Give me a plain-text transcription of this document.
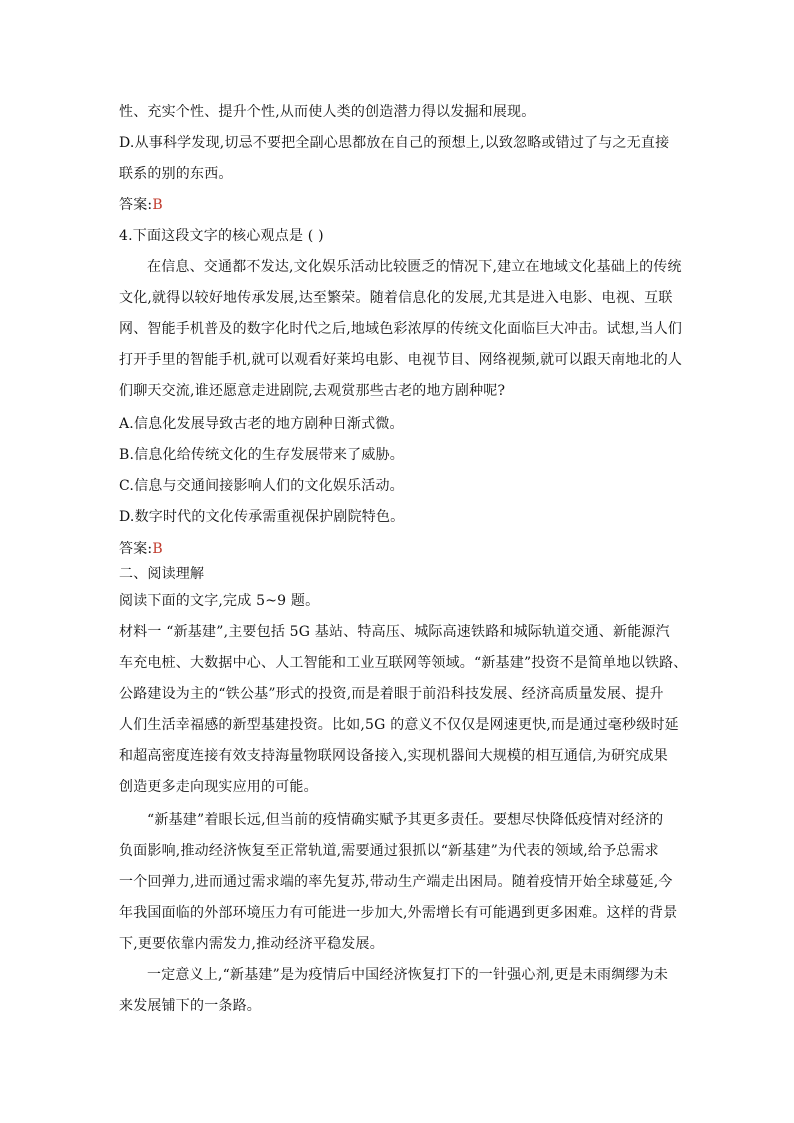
性、充实个性、提升个性,从而使人类的创造潜力得以发掘和展现。
D.从事科学发现,切忌不要把全副心思都放在自己的预想上,以致忽略或错过了与之无直接
联系的别的东西。
答案:B
4.下面这段文字的核心观点是 ( )
在信息、交通都不发达,文化娱乐活动比较匮乏的情况下,建立在地域文化基础上的传统
文化,就得以较好地传承发展,达至繁荣。随着信息化的发展,尤其是进入电影、电视、互联
网、智能手机普及的数字化时代之后,地域色彩浓厚的传统文化面临巨大冲击。试想,当人们
打开手里的智能手机,就可以观看好莱坞电影、电视节目、网络视频,就可以跟天南地北的人
们聊天交流,谁还愿意走进剧院,去观赏那些古老的地方剧种呢?
A.信息化发展导致古老的地方剧种日渐式微。
B.信息化给传统文化的生存发展带来了威胁。
C.信息与交通间接影响人们的文化娱乐活动。
D.数字时代的文化传承需重视保护剧院特色。
答案:B
二、阅读理解
阅读下面的文字,完成 5~9 题。
材料一 “新基建”,主要包括 5G 基站、特高压、城际高速铁路和城际轨道交通、新能源汽
车充电桩、大数据中心、人工智能和工业互联网等领域。“新基建”投资不是简单地以铁路、
公路建设为主的“铁公基”形式的投资,而是着眼于前沿科技发展、经济高质量发展、提升
人们生活幸福感的新型基建投资。比如,5G 的意义不仅仅是网速更快,而是通过毫秒级时延
和超高密度连接有效支持海量物联网设备接入,实现机器间大规模的相互通信,为研究成果
创造更多走向现实应用的可能。
“新基建”着眼长远,但当前的疫情确实赋予其更多责任。要想尽快降低疫情对经济的
负面影响,推动经济恢复至正常轨道,需要通过狠抓以“新基建”为代表的领域,给予总需求
一个回弹力,进而通过需求端的率先复苏,带动生产端走出困局。随着疫情开始全球蔓延,今
年我国面临的外部环境压力有可能进一步加大,外需增长有可能遇到更多困难。这样的背景
下,更要依靠内需发力,推动经济平稳发展。
一定意义上,“新基建”是为疫情后中国经济恢复打下的一针强心剂,更是未雨绸缪为未
来发展铺下的一条路。
